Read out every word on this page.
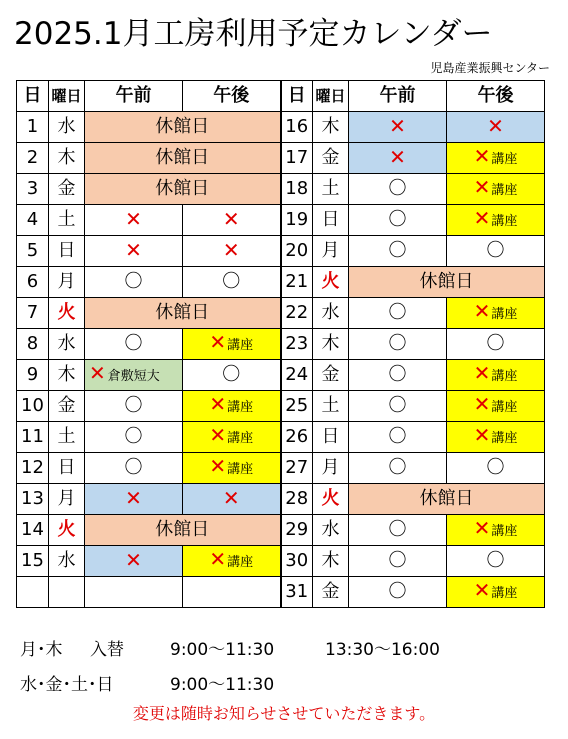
2025.1月工房利用予定カレンダー
児島産業振興センター
日	曜日	午前	午後	日	曜日	午前	午後
1	水	休館日		16	木	✕	✕
2	木	休館日		17	金	✕	✕講座
3	金	休館日		18	土	〇	✕講座
4	土	✕	✕	19	日	〇	✕講座
5	日	✕	✕	20	月	〇	〇
6	月	〇	〇	21	火	休館日	
7	火	休館日		22	水	〇	✕講座
8	水	〇	✕講座	23	木	〇	〇
9	木	✕ 倉敷短大	〇	24	金	〇	✕講座
10	金	〇	✕講座	25	土	〇	✕講座
11	土	〇	✕講座	26	日	〇	✕講座
12	日	〇	✕講座	27	月	〇	〇
13	月	✕	✕	28	火	休館日	
14	火	休館日		29	水	〇	✕講座
15	水	✕	✕講座	30	木	〇	〇
				31	金	〇	✕講座
月･木 入替	9:00～11:30	13:30～16:00
水･金･土･日	9:00～11:30
変更は随時お知らせさせていただきます。
